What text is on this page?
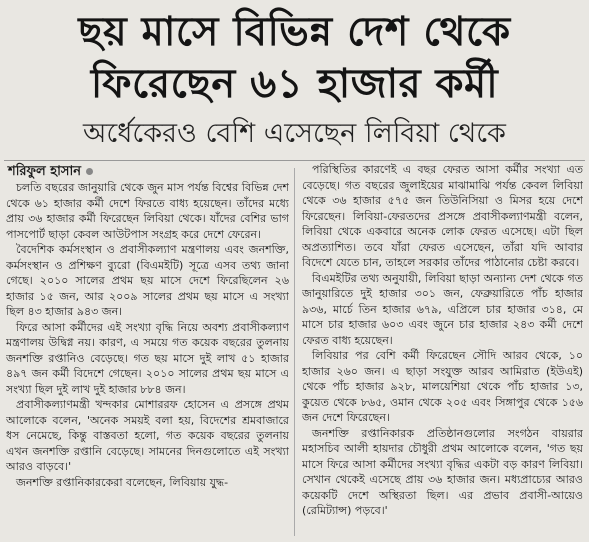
ছয় মাসে বিভিন্ন দেশ থেকে
ফিরেছেন ৬১ হাজার কর্মী
অর্ধেকেরও বেশি এসেছেন লিবিয়া থেকে
শরিফুল হাসান

চলতি বছরের জানুয়ারি থেকে জুন মাস পর্যন্ত বিশ্বের বিভিন্ন দেশ থেকে ৬১ হাজার কর্মী দেশে ফিরতে বাধ্য হয়েছেন। তাঁদের মধ্যে প্রায় ৩৬ হাজার কর্মী ফিরেছেন লিবিয়া থেকে। যাঁদের বেশির ভাগ পাসপোর্ট ছাড়া কেবল আউটপাস সংগ্রহ করে দেশে ফেরেন।

বৈদেশিক কর্মসংস্থান ও প্রবাসীকল্যাণ মন্ত্রণালয় এবং জনশক্তি, কর্মসংস্থান ও প্রশিক্ষণ ব্যুরো (বিএমইটি) সূত্রে এসব তথ্য জানা গেছে। ২০১০ সালের প্রথম ছয় মাসে দেশে ফিরেছিলেন ২৬ হাজার ১৫ জন, আর ২০০৯ সালের প্রথম ছয় মাসে এ সংখ্যা ছিল ৪৩ হাজার ৯৪৩ জন।

ফিরে আসা কর্মীদের এই সংখ্যা বৃদ্ধি নিয়ে অবশ্য প্রবাসীকল্যাণ মন্ত্রণালয় উদ্বিগ্ন নয়। কারণ, এ সময়ে গত কয়েক বছরের তুলনায় জনশক্তি রপ্তানিও বেড়েছে। গত ছয় মাসে দুই লাখ ৫১ হাজার ৪৯৭ জন কর্মী বিদেশে গেছেন। ২০১০ সালের প্রথম ছয় মাসে এ সংখ্যা ছিল দুই লাখ দুই হাজার ৮৮৪ জন।

প্রবাসীকল্যাণমন্ত্রী খন্দকার মোশাররফ হোসেন এ প্রসঙ্গে প্রথম আলোকে বলেন, 'অনেক সময়ই বলা হয়, বিদেশের শ্রমবাজারে ধস নেমেছে, কিন্তু বাস্তবতা হলো, গত কয়েক বছরের তুলনায় এখন জনশক্তি রপ্তানি বেড়েছে। সামনের দিনগুলোতে এই সংখ্যা আরও বাড়বে।'

জনশক্তি রপ্তানিকারকেরা বলেছেন, লিবিয়ায় যুদ্ধ-

পরিস্থিতির কারণেই এ বছর ফেরত আসা কর্মীর সংখ্যা এত বেড়েছে। গত বছরের জুলাইয়ের মাঝামাঝি পর্যন্ত কেবল লিবিয়া থেকে ৩৬ হাজার ৫৭৫ জন তিউনিসিয়া ও মিসর হয়ে দেশে ফিরেছেন। লিবিয়া-ফেরতদের প্রসঙ্গে প্রবাসীকল্যাণমন্ত্রী বলেন, লিবিয়া থেকে একবারে অনেক লোক ফেরত এসেছে। এটা ছিল অপ্রত্যাশিত। তবে যাঁরা ফেরত এসেছেন, তাঁরা যদি আবার বিদেশে যেতে চান, তাহলে সরকার তাঁদের পাঠানোর চেষ্টা করবে।

বিএমইটির তথ্য অনুযায়ী, লিবিয়া ছাড়া অন্যান্য দেশ থেকে গত জানুয়ারিতে দুই হাজার ৩০১ জন, ফেব্রুয়ারিতে পাঁচ হাজার ৯৩৬, মার্চে তিন হাজার ৬৭৯, এপ্রিলে চার হাজার ৩১৪, মে মাসে চার হাজার ৬০৩ এবং জুনে চার হাজার ২৪৩ কর্মী দেশে ফেরত বাধ্য হয়েছেন।

লিবিয়ার পর বেশি কর্মী ফিরেছেন সৌদি আরব থেকে, ১০ হাজার ২৬০ জন। এ ছাড়া সংযুক্ত আরব আমিরাত (ইউএই) থেকে পাঁচ হাজার ৯২৮, মালয়েশিয়া থেকে পাঁচ হাজার ১৩, কুয়েত থেকে ৮৬৫, ওমান থেকে ২০৫ এবং সিঙ্গাপুর থেকে ১৫৬ জন দেশে ফিরেছেন।

জনশক্তি রপ্তানিকারক প্রতিষ্ঠানগুলোর সংগঠন বায়রার মহাসচিব আলী হায়দার চৌধুরী প্রথম আলোকে বলেন, 'গত ছয় মাসে ফিরে আসা কর্মীদের সংখ্যা বৃদ্ধির একটা বড় কারণ লিবিয়া। সেখান থেকেই এসেছে প্রায় ৩৬ হাজার জন। মধ্যপ্রাচ্যের আরও কয়েকটি দেশে অস্থিরতা ছিল। এর প্রভাব প্রবাসী-আয়েও (রেমিট্যান্স) পড়বে।'
